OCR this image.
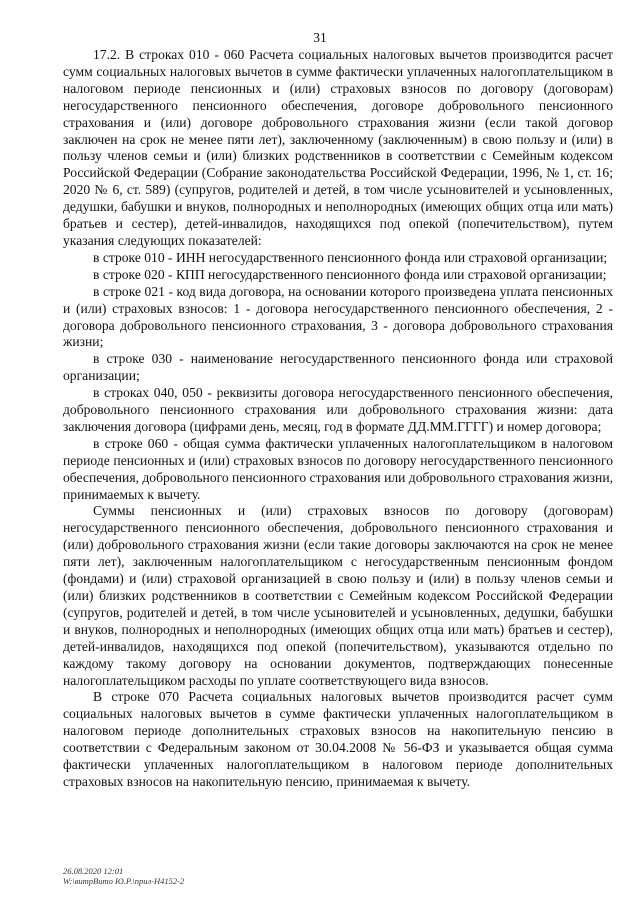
31

17.2. В строках 010 - 060 Расчета социальных налоговых вычетов производится расчет сумм социальных налоговых вычетов в сумме фактически уплаченных налогоплательщиком в налоговом периоде пенсионных и (или) страховых взносов по договору (договорам) негосударственного пенсионного обеспечения, договоре добровольного пенсионного страхования и (или) договоре добровольного страхования жизни (если такой договор заключен на срок не менее пяти лет), заключенному (заключенным) в свою пользу и (или) в пользу членов семьи и (или) близких родственников в соответствии с Семейным кодексом Российской Федерации (Собрание законодательства Российской Федерации, 1996, № 1, ст. 16; 2020 № 6, ст. 589) (супругов, родителей и детей, в том числе усыновителей и усыновленных, дедушки, бабушки и внуков, полнородных и неполнородных (имеющих общих отца или мать) братьев и сестер), детей-инвалидов, находящихся под опекой (попечительством), путем указания следующих показателей:

в строке 010 - ИНН негосударственного пенсионного фонда или страховой организации;

в строке 020 - КПП негосударственного пенсионного фонда или страховой организации;

в строке 021 - код вида договора, на основании которого произведена уплата пенсионных и (или) страховых взносов: 1 - договора негосударственного пенсионного обеспечения, 2 - договора добровольного пенсионного страхования, 3 - договора добровольного страхования жизни;

в строке 030 - наименование негосударственного пенсионного фонда или страховой организации;

в строках 040, 050 - реквизиты договора негосударственного пенсионного обеспечения, добровольного пенсионного страхования или добровольного страхования жизни: дата заключения договора (цифрами день, месяц, год в формате ДД.ММ.ГГГГ) и номер договора;

в строке 060 - общая сумма фактически уплаченных налогоплательщиком в налоговом периоде пенсионных и (или) страховых взносов по договору негосударственного пенсионного обеспечения, добровольного пенсионного страхования или добровольного страхования жизни, принимаемых к вычету.

Суммы пенсионных и (или) страховых взносов по договору (договорам) негосударственного пенсионного обеспечения, добровольного пенсионного страхования и (или) добровольного страхования жизни (если такие договоры заключаются на срок не менее пяти лет), заключенным налогоплательщиком с негосударственным пенсионным фондом (фондами) и (или) страховой организацией в свою пользу и (или) в пользу членов семьи и (или) близких родственников в соответствии с Семейным кодексом Российской Федерации (супругов, родителей и детей, в том числе усыновителей и усыновленных, дедушки, бабушки и внуков, полнородных и неполнородных (имеющих общих отца или мать) братьев и сестер), детей-инвалидов, находящихся под опекой (попечительством), указываются отдельно по каждому такому договору на основании документов, подтверждающих понесенные налогоплательщиком расходы по уплате соответствующего вида взносов.

В строке 070 Расчета социальных налоговых вычетов производится расчет сумм социальных налоговых вычетов в сумме фактически уплаченных налогоплательщиком в налоговом периоде дополнительных страховых взносов на накопительную пенсию в соответствии с Федеральным законом от 30.04.2008 № 56-ФЗ и указывается общая сумма фактически уплаченных налогоплательщиком в налоговом периоде дополнительных страховых взносов на накопительную пенсию, принимаемая к вычету.

26.08.2020 12:01
W:\витрВито Ю.Р.\прил-Н4152-2
